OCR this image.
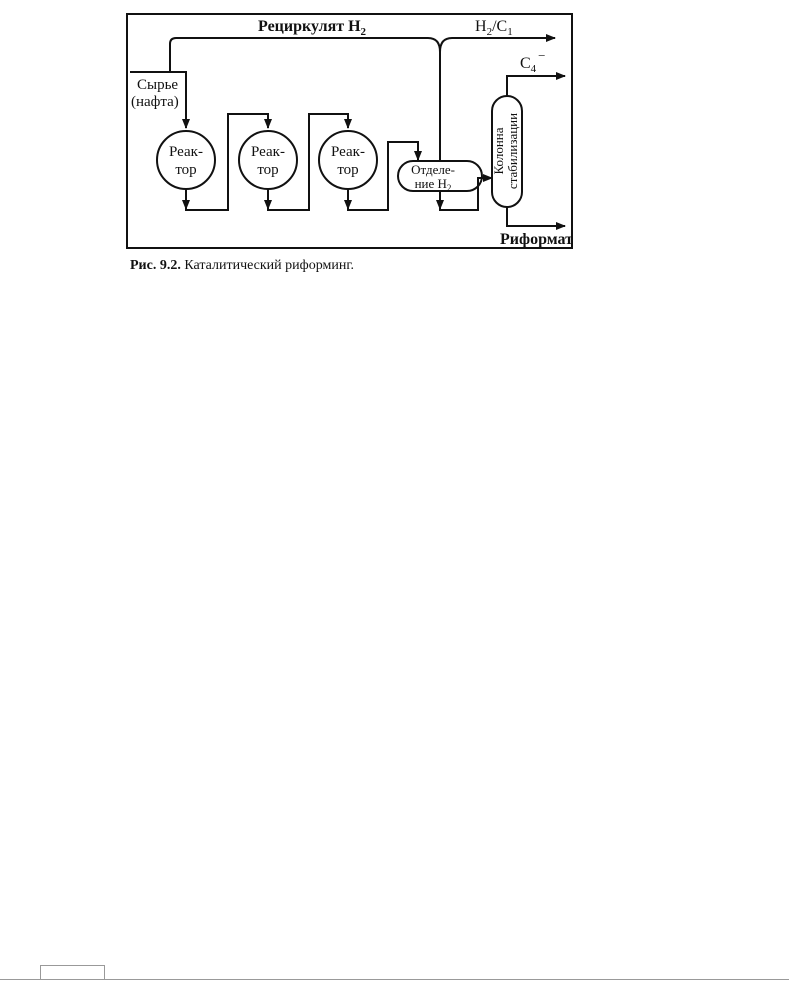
Рециркулят $H_2$	$H_2/C_1$
$C_4^-$
Сырье
(нафта)
Реак-
тор
Реак-
тор
Реак-
тор	Отделе-
ние $H_2$
Колонна стабилизации
Риформат
Рис. 9.2. Каталитический риформинг.
